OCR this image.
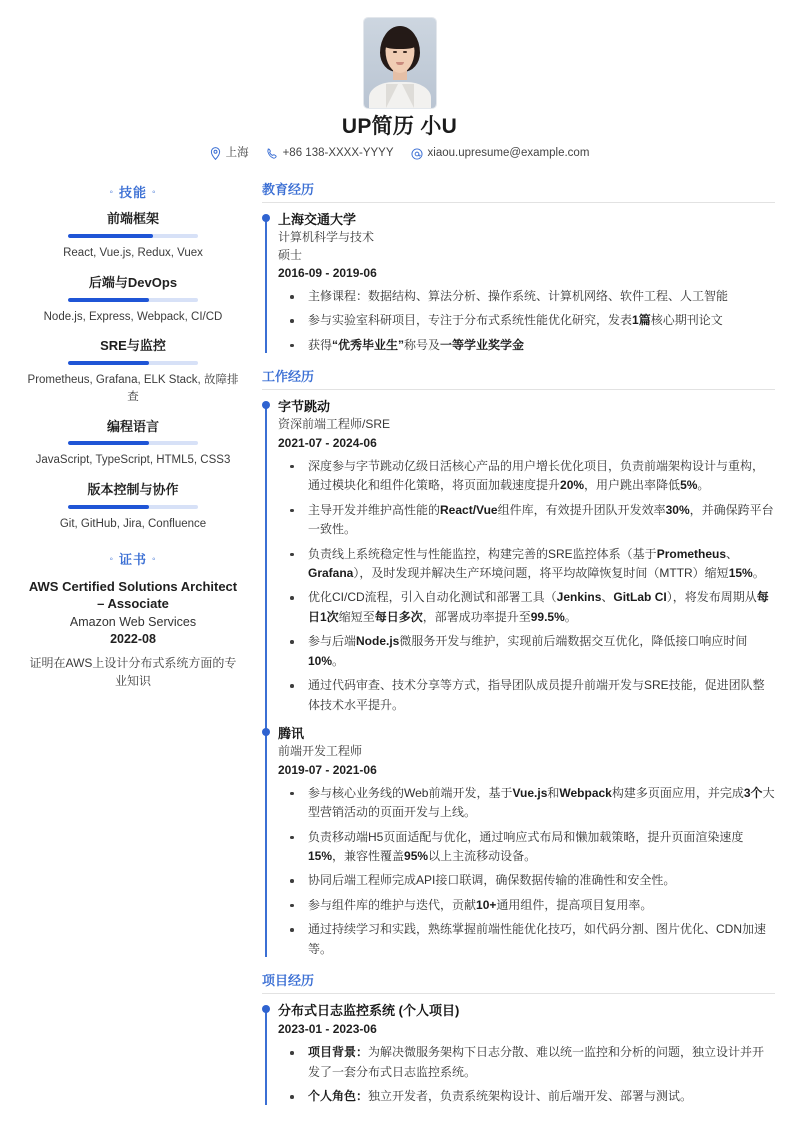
UP简历 小U
上海	+86 138-XXXX-YYYY	xiaou.upresume@example.com
◦ 技能 ◦
前端框架
React, Vue.js, Redux, Vuex
后端与DevOps
Node.js, Express, Webpack, CI/CD
SRE与监控
Prometheus, Grafana, ELK Stack, 故障排查
编程语言
JavaScript, TypeScript, HTML5, CSS3
版本控制与协作
Git, GitHub, Jira, Confluence
◦ 证书 ◦
AWS Certified Solutions Architect – Associate
Amazon Web Services
2022-08
证明在AWS上设计分布式系统方面的专业知识
教育经历
上海交通大学
计算机科学与技术
硕士
2016-09 - 2019-06
主修课程：数据结构、算法分析、操作系统、计算机网络、软件工程、人工智能
参与实验室科研项目，专注于分布式系统性能优化研究，发表1篇核心期刊论文
获得“优秀毕业生”称号及一等学业奖学金
工作经历
字节跳动
资深前端工程师/SRE
2021-07 - 2024-06
深度参与字节跳动亿级日活核心产品的用户增长优化项目，负责前端架构设计与重构，通过模块化和组件化策略，将页面加载速度提升20%，用户跳出率降低5%。
主导开发并维护高性能的React/Vue组件库，有效提升团队开发效率30%，并确保跨平台一致性。
负责线上系统稳定性与性能监控，构建完善的SRE监控体系（基于Prometheus、Grafana），及时发现并解决生产环境问题，将平均故障恢复时间（MTTR）缩短15%。
优化CI/CD流程，引入自动化测试和部署工具（Jenkins、GitLab CI），将发布周期从每日1次缩短至每日多次，部署成功率提升至99.5%。
参与后端Node.js微服务开发与维护，实现前后端数据交互优化，降低接口响应时间10%。
通过代码审查、技术分享等方式，指导团队成员提升前端开发与SRE技能，促进团队整体技术水平提升。
腾讯
前端开发工程师
2019-07 - 2021-06
参与核心业务线的Web前端开发，基于Vue.js和Webpack构建多页面应用，并完成3个大型营销活动的页面开发与上线。
负责移动端H5页面适配与优化，通过响应式布局和懒加载策略，提升页面渲染速度15%，兼容性覆盖95%以上主流移动设备。
协同后端工程师完成API接口联调，确保数据传输的准确性和安全性。
参与组件库的维护与迭代，贡献10+通用组件，提高项目复用率。
通过持续学习和实践，熟练掌握前端性能优化技巧，如代码分割、图片优化、CDN加速等。
项目经历
分布式日志监控系统 (个人项目)
2023-01 - 2023-06
项目背景：为解决微服务架构下日志分散、难以统一监控和分析的问题，独立设计并开发了一套分布式日志监控系统。
个人角色：独立开发者，负责系统架构设计、前后端开发、部署与测试。
